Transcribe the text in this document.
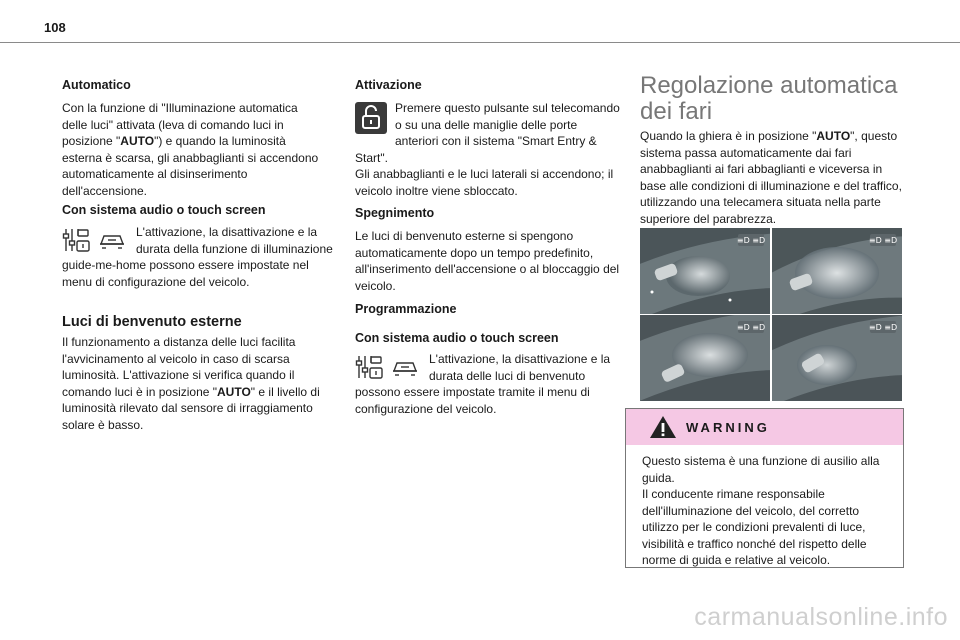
108
Automatico

Con la funzione di "Illuminazione automatica delle luci" attivata (leva di comando luci in posizione "AUTO") e quando la luminosità esterna è scarsa, gli anabbaglianti si accendono automaticamente al disinserimento dell'accensione.

Con sistema audio o touch screen

L'attivazione, la disattivazione e la durata della funzione di illuminazione guide-me-home possono essere impostate nel menu di configurazione del veicolo.

Luci di benvenuto esterne

Il funzionamento a distanza delle luci facilita l'avvicinamento al veicolo in caso di scarsa luminosità. L'attivazione si verifica quando il comando luci è in posizione "AUTO" e il livello di luminosità rilevato dal sensore di irraggiamento solare è basso.

Attivazione

Premere questo pulsante sul telecomando o su una delle maniglie delle porte anteriori con il sistema "Smart Entry & Start".

Gli anabbaglianti e le luci laterali si accendono; il veicolo inoltre viene sbloccato.

Spegnimento

Le luci di benvenuto esterne si spengono automaticamente dopo un tempo predefinito, all'inserimento dell'accensione o al bloccaggio del veicolo.

Programmazione
Con sistema audio o touch screen

L'attivazione, la disattivazione e la durata delle luci di benvenuto possono essere impostate tramite il menu di configurazione del veicolo.

Regolazione automatica dei fari

Quando la ghiera è in posizione "AUTO", questo sistema passa automaticamente dai fari anabbaglianti ai fari abbaglianti e viceversa in base alle condizioni di illuminazione e del traffico, utilizzando una telecamera situata nella parte superiore del parabrezza.

≡D ≡D	≡D ≡D
≡D ≡D	≡D ≡D
WARNING

Questo sistema è una funzione di ausilio alla guida.

Il conducente rimane responsabile dell'illuminazione del veicolo, del corretto utilizzo per le condizioni prevalenti di luce, visibilità e traffico nonché del rispetto delle norme di guida e relative al veicolo.

carmanualsonline.info
